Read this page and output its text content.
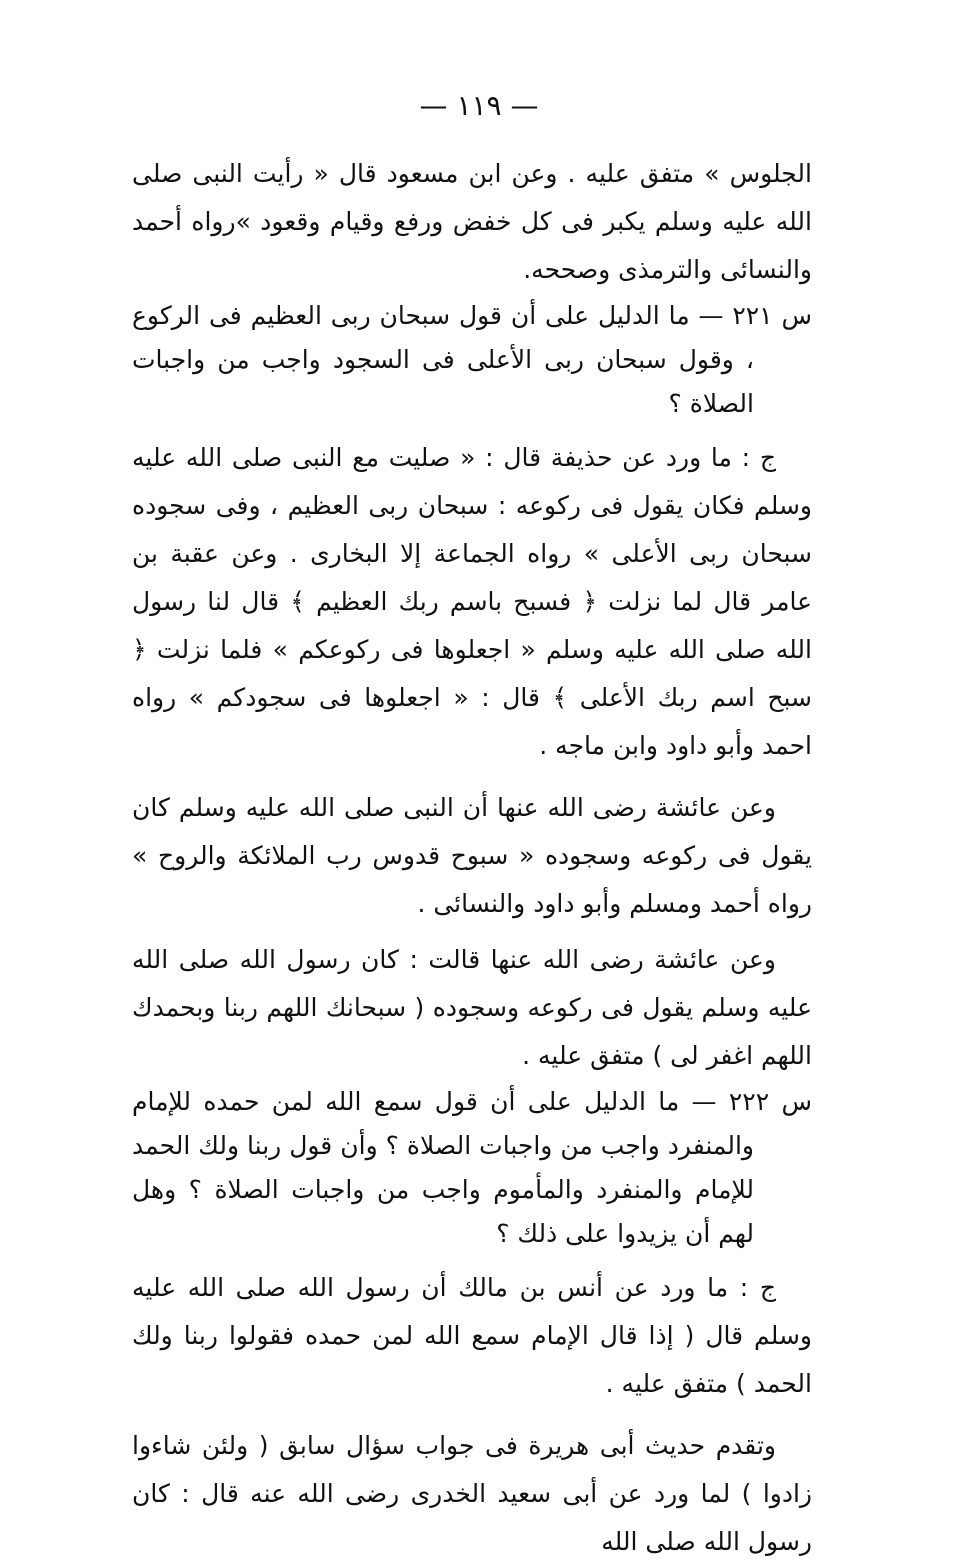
— ١١٩ —

الجلوس » متفق عليه . وعن ابن مسعود قال « رأيت النبى صلى الله عليه وسلم يكبر فى كل خفض ورفع وقيام وقعود »رواه أحمد والنسائى والترمذى وصححه.

س ٢٢١ — ما الدليل على أن قول سبحان ربى العظيم فى الركوع ، وقول سبحان ربى الأعلى فى السجود واجب من واجبات الصلاة ؟

ج : ما ورد عن حذيفة قال : « صليت مع النبى صلى الله عليه وسلم فكان يقول فى ركوعه : سبحان ربى العظيم ، وفى سجوده سبحان ربى الأعلى » رواه الجماعة إلا البخارى . وعن عقبة بن عامر قال لما نزلت ﴿ فسبح باسم ربك العظيم ﴾ قال لنا رسول الله صلى الله عليه وسلم « اجعلوها فى ركوعكم » فلما نزلت ﴿ سبح اسم ربك الأعلى ﴾ قال : « اجعلوها فى سجودكم » رواه احمد وأبو داود وابن ماجه .

وعن عائشة رضى الله عنها أن النبى صلى الله عليه وسلم كان يقول فى ركوعه وسجوده « سبوح قدوس رب الملائكة والروح » رواه أحمد ومسلم وأبو داود والنسائى .

وعن عائشة رضى الله عنها قالت : كان رسول الله صلى الله عليه وسلم يقول فى ركوعه وسجوده ( سبحانك اللهم ربنا وبحمدك اللهم اغفر لى ) متفق عليه .

س ٢٢٢ — ما الدليل على أن قول سمع الله لمن حمده للإمام والمنفرد واجب من واجبات الصلاة ؟ وأن قول ربنا ولك الحمد للإمام والمنفرد والمأموم واجب من واجبات الصلاة ؟ وهل لهم أن يزيدوا على ذلك ؟

ج : ما ورد عن أنس بن مالك أن رسول الله صلى الله عليه وسلم قال ( إذا قال الإمام سمع الله لمن حمده فقولوا ربنا ولك الحمد ) متفق عليه .

وتقدم حديث أبى هريرة فى جواب سؤال سابق ( ولئن شاءوا زادوا ) لما ورد عن أبى سعيد الخدرى رضى الله عنه قال : كان رسول الله صلى الله
